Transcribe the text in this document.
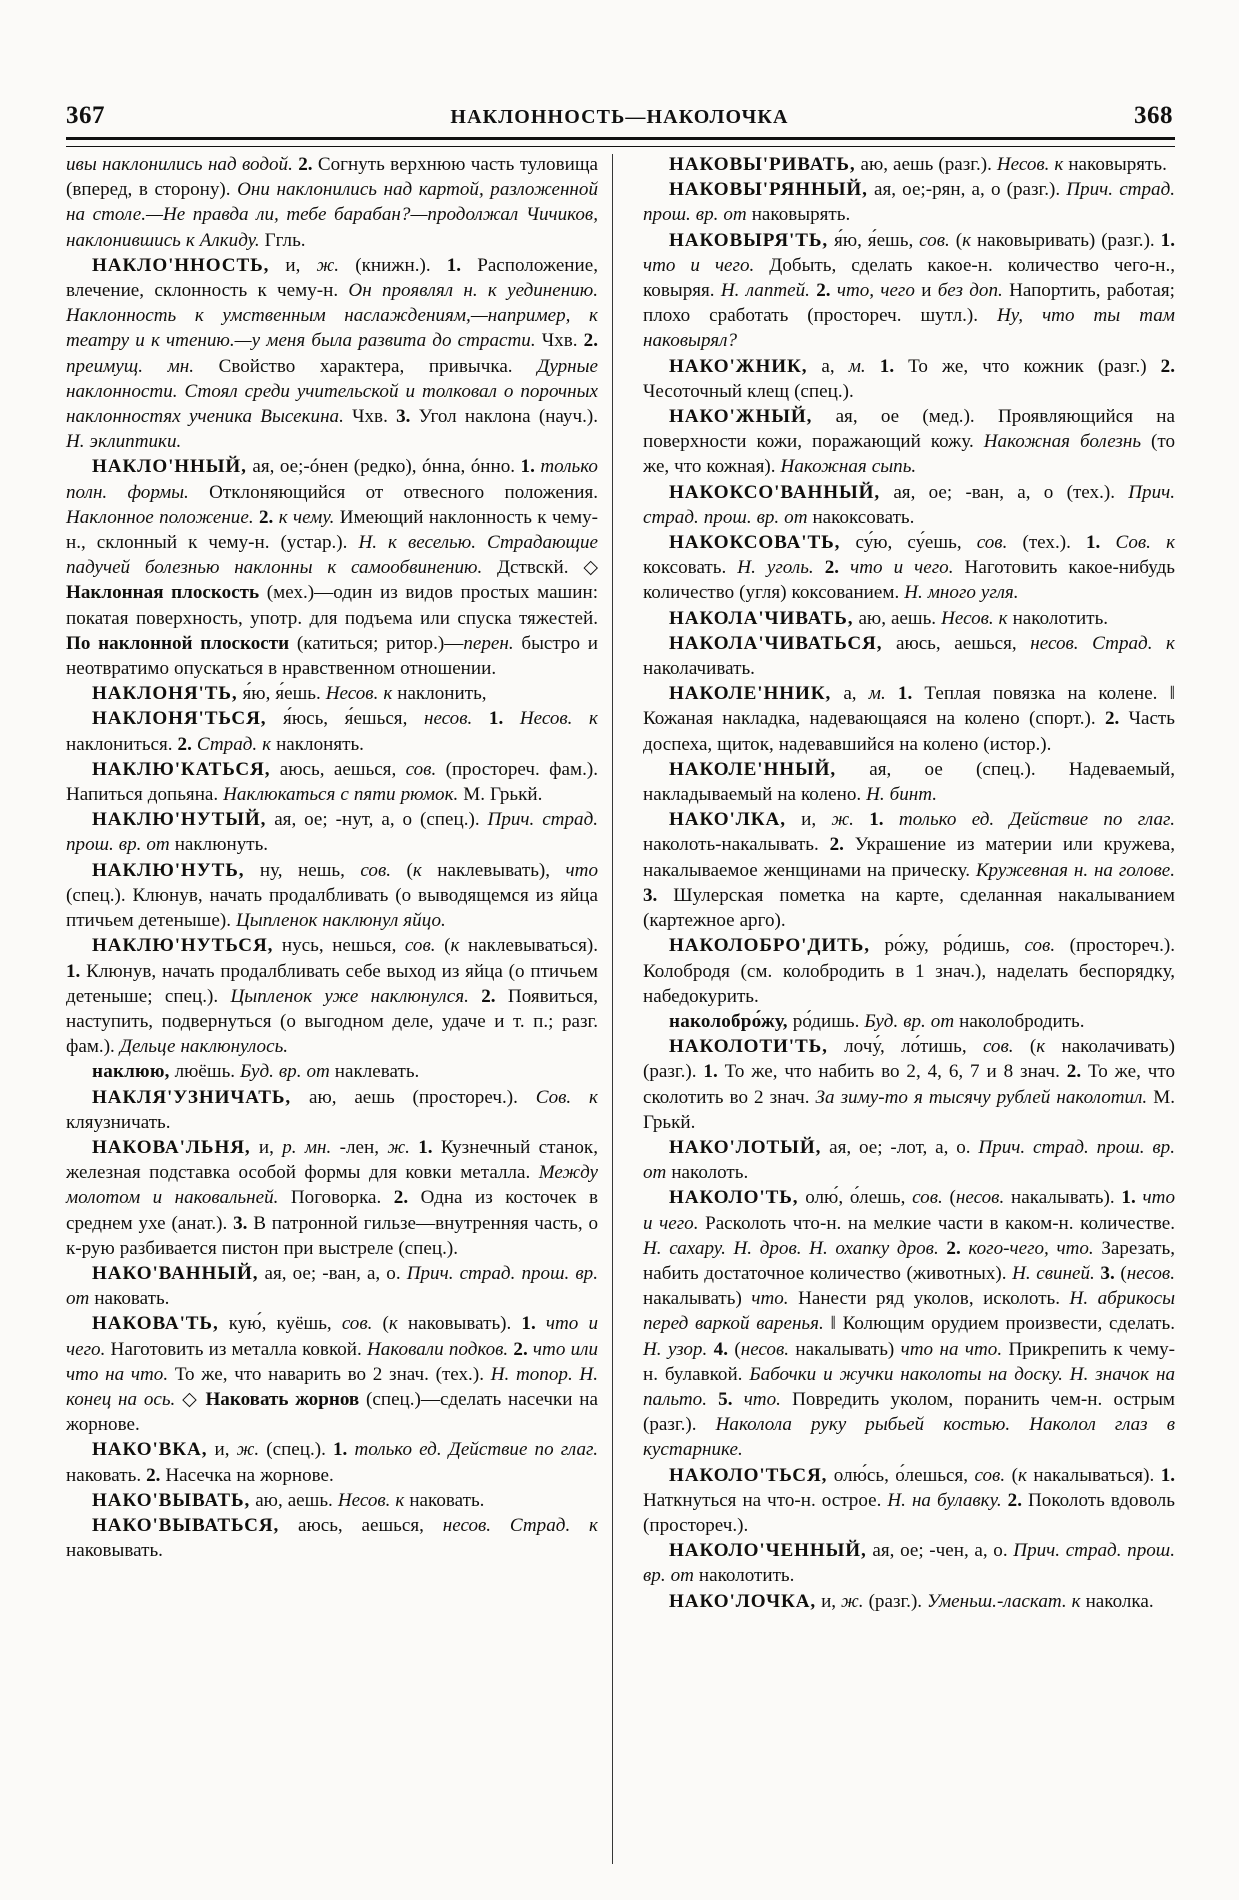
367	НАКЛОННОСТЬ—НАКОЛОЧКА	368

ивы наклонились над водой. 2. Согнуть верхнюю часть туловища (вперед, в сторону). Они наклонились над картой, разложенной на столе.—Не правда ли, тебе барабан?—продолжал Чичиков, наклонившись к Алкиду. Ггль.

НАКЛО'ННОСТЬ, и, ж. (книжн.). 1. Расположение, влечение, склонность к чему-н. Он проявлял н. к уединению. Наклонность к умственным наслаждениям,—например, к театру и к чтению.—у меня была развита до страсти. Чхв. 2. преимущ. мн. Свойство характера, привычка. Дурные наклонности. Стоял среди учительской и толковал о порочных наклонностях ученика Высекина. Чхв. 3. Угол наклона (науч.). Н. эклиптики.

НАКЛО'ННЫЙ, ая, ое;-óнен (редко), óнна, óнно. 1. только полн. формы. Отклоняющийся от отвесного положения. Наклонное положение. 2. к чему. Имеющий наклонность к чему-н., склонный к чему-н. (устар.). Н. к веселью. Страдающие падучей болезнью наклонны к самообвинению. Дствскй. ◇ Наклонная плоскость (мех.)—один из видов простых машин: покатая поверхность, употр. для подъема или спуска тяжестей. По наклонной плоскости (катиться; ритор.)—перен. быстро и неотвратимо опускаться в нравственном отношении.

НАКЛОНЯ'ТЬ, я́ю, я́ешь. Несов. к наклонить,

НАКЛОНЯ'ТЬСЯ, я́юсь, я́ешься, несов. 1. Несов. к наклониться. 2. Страд. к наклонять.

НАКЛЮ'КАТЬСЯ, аюсь, аешься, сов. (простореч. фам.). Напиться допьяна. Наклюкаться с пяти рюмок. М. Грькй.

НАКЛЮ'НУТЫЙ, ая, ое; -нут, а, о (спец.). Прич. страд. прош. вр. от наклюнуть.

НАКЛЮ'НУТЬ, ну, нешь, сов. (к наклевывать), что (спец.). Клюнув, начать продалбливать (о выводящемся из яйца птичьем детеныше). Цыпленок наклюнул яйцо.

НАКЛЮ'НУТЬСЯ, нусь, нешься, сов. (к наклевываться). 1. Клюнув, начать продалбливать себе выход из яйца (о птичьем детеныше; спец.). Цыпленок уже наклюнулся. 2. Появиться, наступить, подвернуться (о выгодном деле, удаче и т. п.; разг. фам.). Дельце наклюнулось.

наклюю, люёшь. Буд. вр. от наклевать.

НАКЛЯ'УЗНИЧАТЬ, аю, аешь (простореч.). Сов. к кляузничать.

НАКОВА'ЛЬНЯ, и, р. мн. -лен, ж. 1. Кузнечный станок, железная подставка особой формы для ковки металла. Между молотом и наковальней. Поговорка. 2. Одна из косточек в среднем ухе (анат.). 3. В патронной гильзе—внутренняя часть, о к-рую разбивается пистон при выстреле (спец.).

НАКО'ВАННЫЙ, ая, ое; -ван, а, о. Прич. страд. прош. вр. от наковать.

НАКОВА'ТЬ, кую́, куёшь, сов. (к наковывать). 1. что и чего. Наготовить из металла ковкой. Наковали подков. 2. что или что на что. То же, что наварить во 2 знач. (тех.). Н. топор. Н. конец на ось. ◇ Наковать жорнов (спец.)—сделать насечки на жорнове.

НАКО'ВКА, и, ж. (спец.). 1. только ед. Действие по глаг. наковать. 2. Насечка на жорнове.

НАКО'ВЫВАТЬ, аю, аешь. Несов. к наковать.

НАКО'ВЫВАТЬСЯ, аюсь, аешься, несов. Страд. к наковывать.

НАКОВЫ'РИВАТЬ, аю, аешь (разг.). Несов. к наковырять.

НАКОВЫ'РЯННЫЙ, ая, ое;-рян, а, о (разг.). Прич. страд. прош. вр. от наковырять.

НАКОВЫРЯ'ТЬ, я́ю, я́ешь, сов. (к наковыривать) (разг.). 1. что и чего. Добыть, сделать какое-н. количество чего-н., ковыряя. Н. лаптей. 2. что, чего и без доп. Напортить, работая; плохо сработать (простореч. шутл.). Ну, что ты там наковырял?

НАКО'ЖНИК, а, м. 1. То же, что кожник (разг.) 2. Чесоточный клещ (спец.).

НАКО'ЖНЫЙ, ая, ое (мед.). Проявляющийся на поверхности кожи, поражающий кожу. Накожная болезнь (то же, что кожная). Накожная сыпь.

НАКОКСО'ВАННЫЙ, ая, ое; -ван, а, о (тех.). Прич. страд. прош. вр. от накоксовать.

НАКОКСОВА'ТЬ, су́ю, су́ешь, сов. (тех.). 1. Сов. к коксовать. Н. уголь. 2. что и чего. Наготовить какое-нибудь количество (угля) коксованием. Н. много угля.

НАКОЛА'ЧИВАТЬ, аю, аешь. Несов. к наколотить.

НАКОЛА'ЧИВАТЬСЯ, аюсь, аешься, несов. Страд. к наколачивать.

НАКОЛЕ'ННИК, а, м. 1. Теплая повязка на колене. ‖ Кожаная накладка, надевающаяся на колено (спорт.). 2. Часть доспеха, щиток, надевавшийся на колено (истор.).

НАКОЛЕ'ННЫЙ, ая, ое (спец.). Надеваемый, накладываемый на колено. Н. бинт.

НАКО'ЛКА, и, ж. 1. только ед. Действие по глаг. наколоть-накалывать. 2. Украшение из материи или кружева, накалываемое женщинами на прическу. Кружевная н. на голове. 3. Шулерская пометка на карте, сделанная накалыванием (картежное арго).

НАКОЛОБРО'ДИТЬ, ро́жу, ро́дишь, сов. (простореч.). Колобродя (см. колобродить в 1 знач.), наделать беспорядку, набедокурить.

наколобро́жу, ро́дишь. Буд. вр. от наколобродить.

НАКОЛОТИ'ТЬ, лочу́, ло́тишь, сов. (к наколачивать) (разг.). 1. То же, что набить во 2, 4, 6, 7 и 8 знач. 2. То же, что сколотить во 2 знач. За зиму-то я тысячу рублей наколотил. М. Грькй.

НАКО'ЛОТЫЙ, ая, ое; -лот, а, о. Прич. страд. прош. вр. от наколоть.

НАКОЛО'ТЬ, олю́, о́лешь, сов. (несов. накалывать). 1. что и чего. Расколоть что-н. на мелкие части в каком-н. количестве. Н. сахару. Н. дров. Н. охапку дров. 2. кого-чего, что. Зарезать, набить достаточное количество (животных). Н. свиней. 3. (несов. накалывать) что. Нанести ряд уколов, исколоть. Н. абрикосы перед варкой варенья. ‖ Колющим орудием произвести, сделать. Н. узор. 4. (несов. накалывать) что на что. Прикрепить к чему-н. булавкой. Бабочки и жучки наколоты на доску. Н. значок на пальто. 5. что. Повредить уколом, поранить чем-н. острым (разг.). Наколола руку рыбьей костью. Наколол глаз в кустарнике.

НАКОЛО'ТЬСЯ, олю́сь, о́лешься, сов. (к накалываться). 1. Наткнуться на что-н. острое. Н. на булавку. 2. Поколоть вдоволь (простореч.).

НАКОЛО'ЧЕННЫЙ, ая, ое; -чен, а, о. Прич. страд. прош. вр. от наколотить.

НАКО'ЛОЧКА, и, ж. (разг.). Уменьш.-ласкат. к наколка.
